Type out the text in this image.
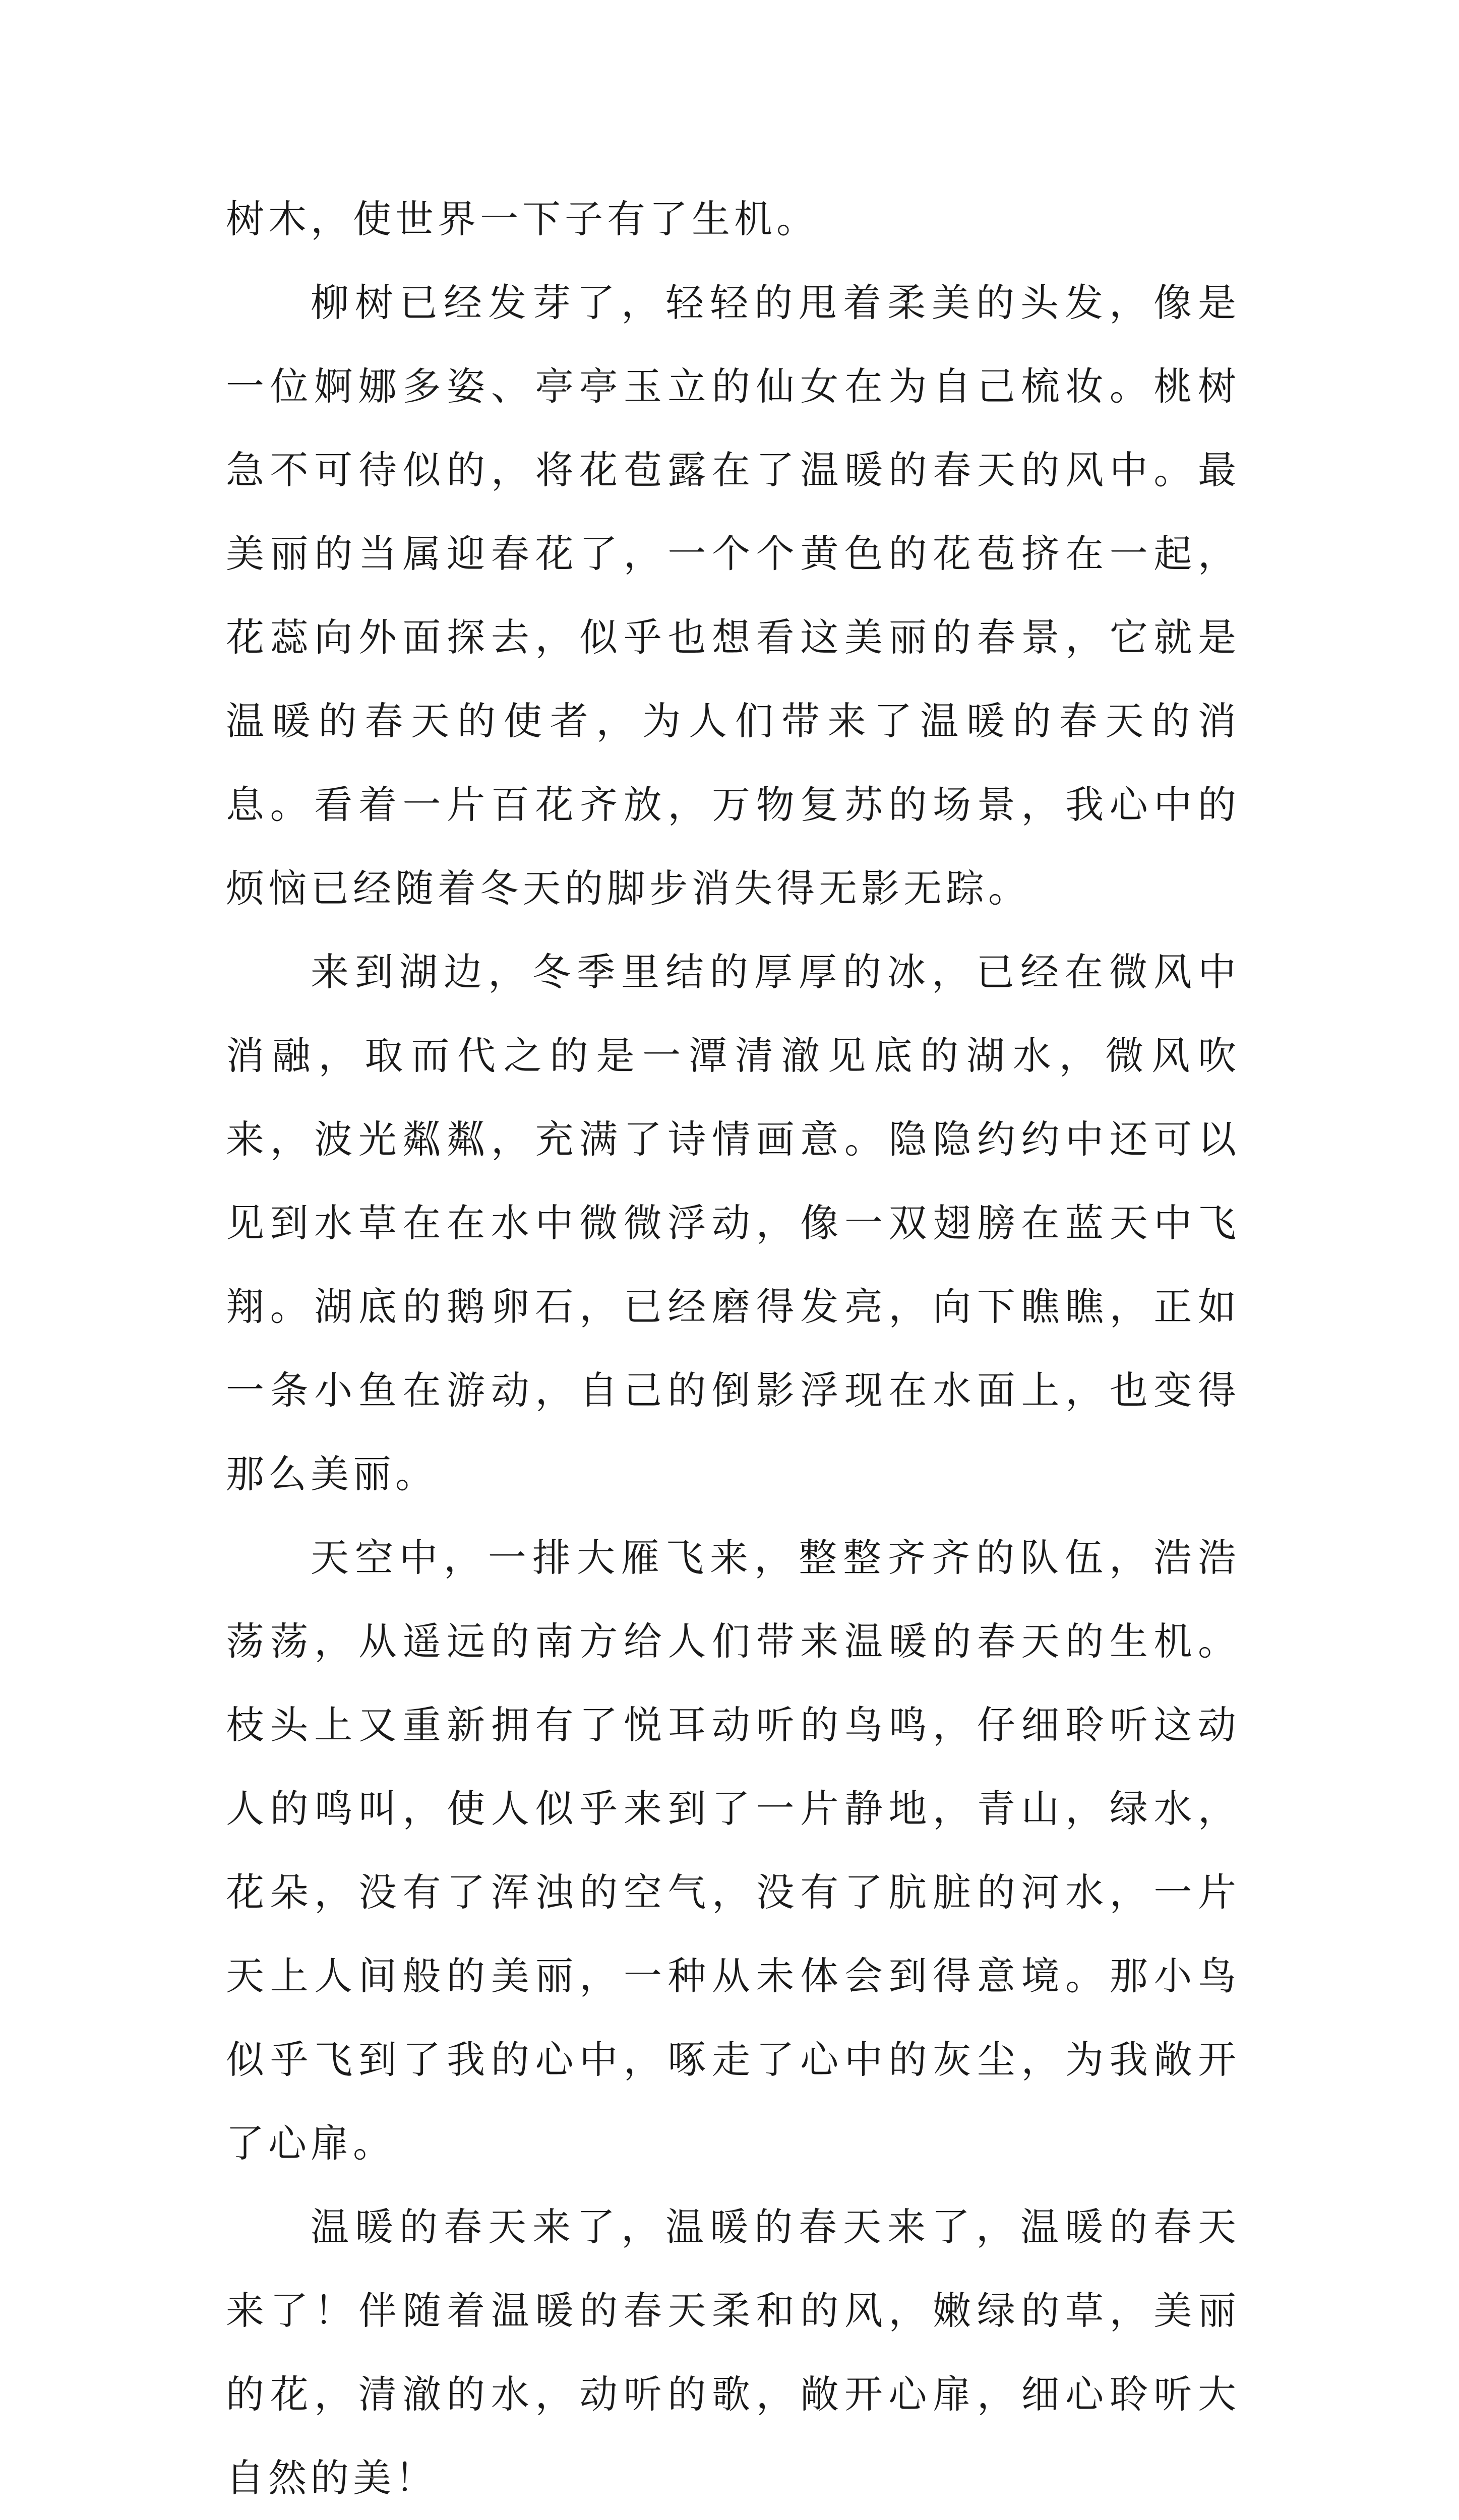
树木，使世界一下子有了生机。

柳树已经发芽了，轻轻的甩着柔美的头发，像是一位婀娜多姿、亭亭玉立的仙女在为自己梳妆。桃树急不可待似的，将花苞露在了温暖的春天的风中。最美丽的当属迎春花了，一个个黄色的花苞挤在一起，花蕊向外面探去，似乎也想看这美丽的春景，它就是温暖的春天的使者，为人们带来了温暖的春天的消息。看着一片百花齐放，万物复苏的场景，我心中的烦恼已经随着冬天的脚步消失得无影无踪。

来到湖边，冬季里结的厚厚的冰，已经在微风中消融，取而代之的是一潭清澈见底的湖水，微风吹来，波光粼粼，充满了诗情画意。隐隐约约中还可以见到水草在在水中微微浮动，像一双翅膀在蓝天中飞翔。湖底的鹅卵石，已经磨得发亮，向下瞧瞧，正如一条小鱼在游动，自己的倒影浮现在水面上，也变得那么美丽。

天空中，一排大雁飞来，整整齐齐的队伍，浩浩荡荡，从遥远的南方给人们带来温暖的春天的生机。枝头上又重新拥有了悦耳动听的鸟鸣，仔细聆听这动人的鸣叫，使人似乎来到了一片静地，青山，绿水，花朵，没有了浑浊的空气，没有了肮脏的河水，一片天上人间般的美丽，一种从未体会到得意境。那小鸟似乎飞到了我的心中，啄走了心中的灰尘，为我敞开了心扉。

温暖的春天来了，温暖的春天来了，温暖的春天来了！伴随着温暖的春天柔和的风，嫩绿的草，美丽的花，清澈的水，动听的歌，敞开心扉，细心聆听大自然的美！
